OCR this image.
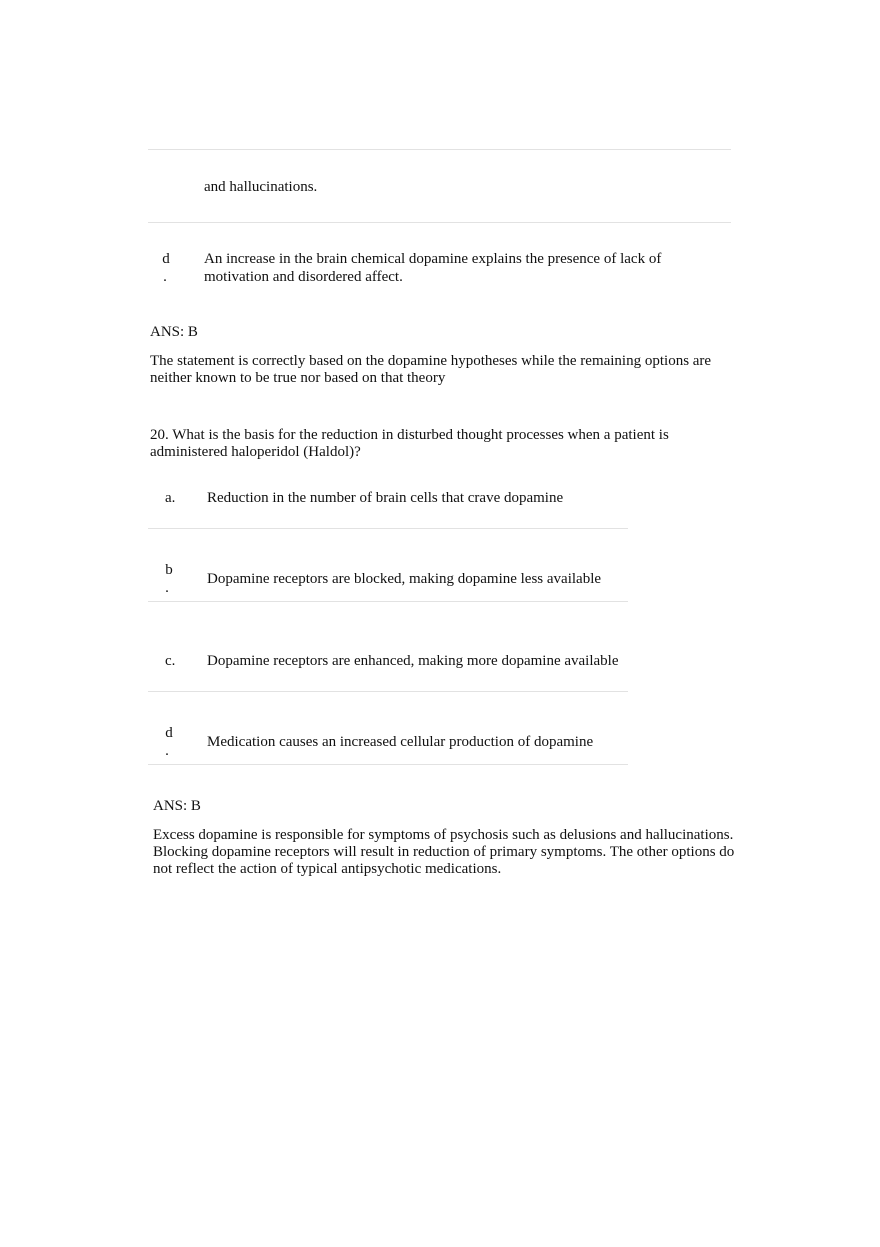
and hallucinations.
d
.
An increase in the brain chemical dopamine explains the presence of lack of
motivation and disordered affect.
ANS: B
The statement is correctly based on the dopamine hypotheses while the remaining options are
neither known to be true nor based on that theory
20. What is the basis for the reduction in disturbed thought processes when a patient is
administered haloperidol (Haldol)?
a. Reduction in the number of brain cells that crave dopamine
b
.
Dopamine receptors are blocked, making dopamine less available
c. Dopamine receptors are enhanced, making more dopamine available
d
.
Medication causes an increased cellular production of dopamine
ANS: B
Excess dopamine is responsible for symptoms of psychosis such as delusions and hallucinations.
Blocking dopamine receptors will result in reduction of primary symptoms. The other options do
not reflect the action of typical antipsychotic medications.
